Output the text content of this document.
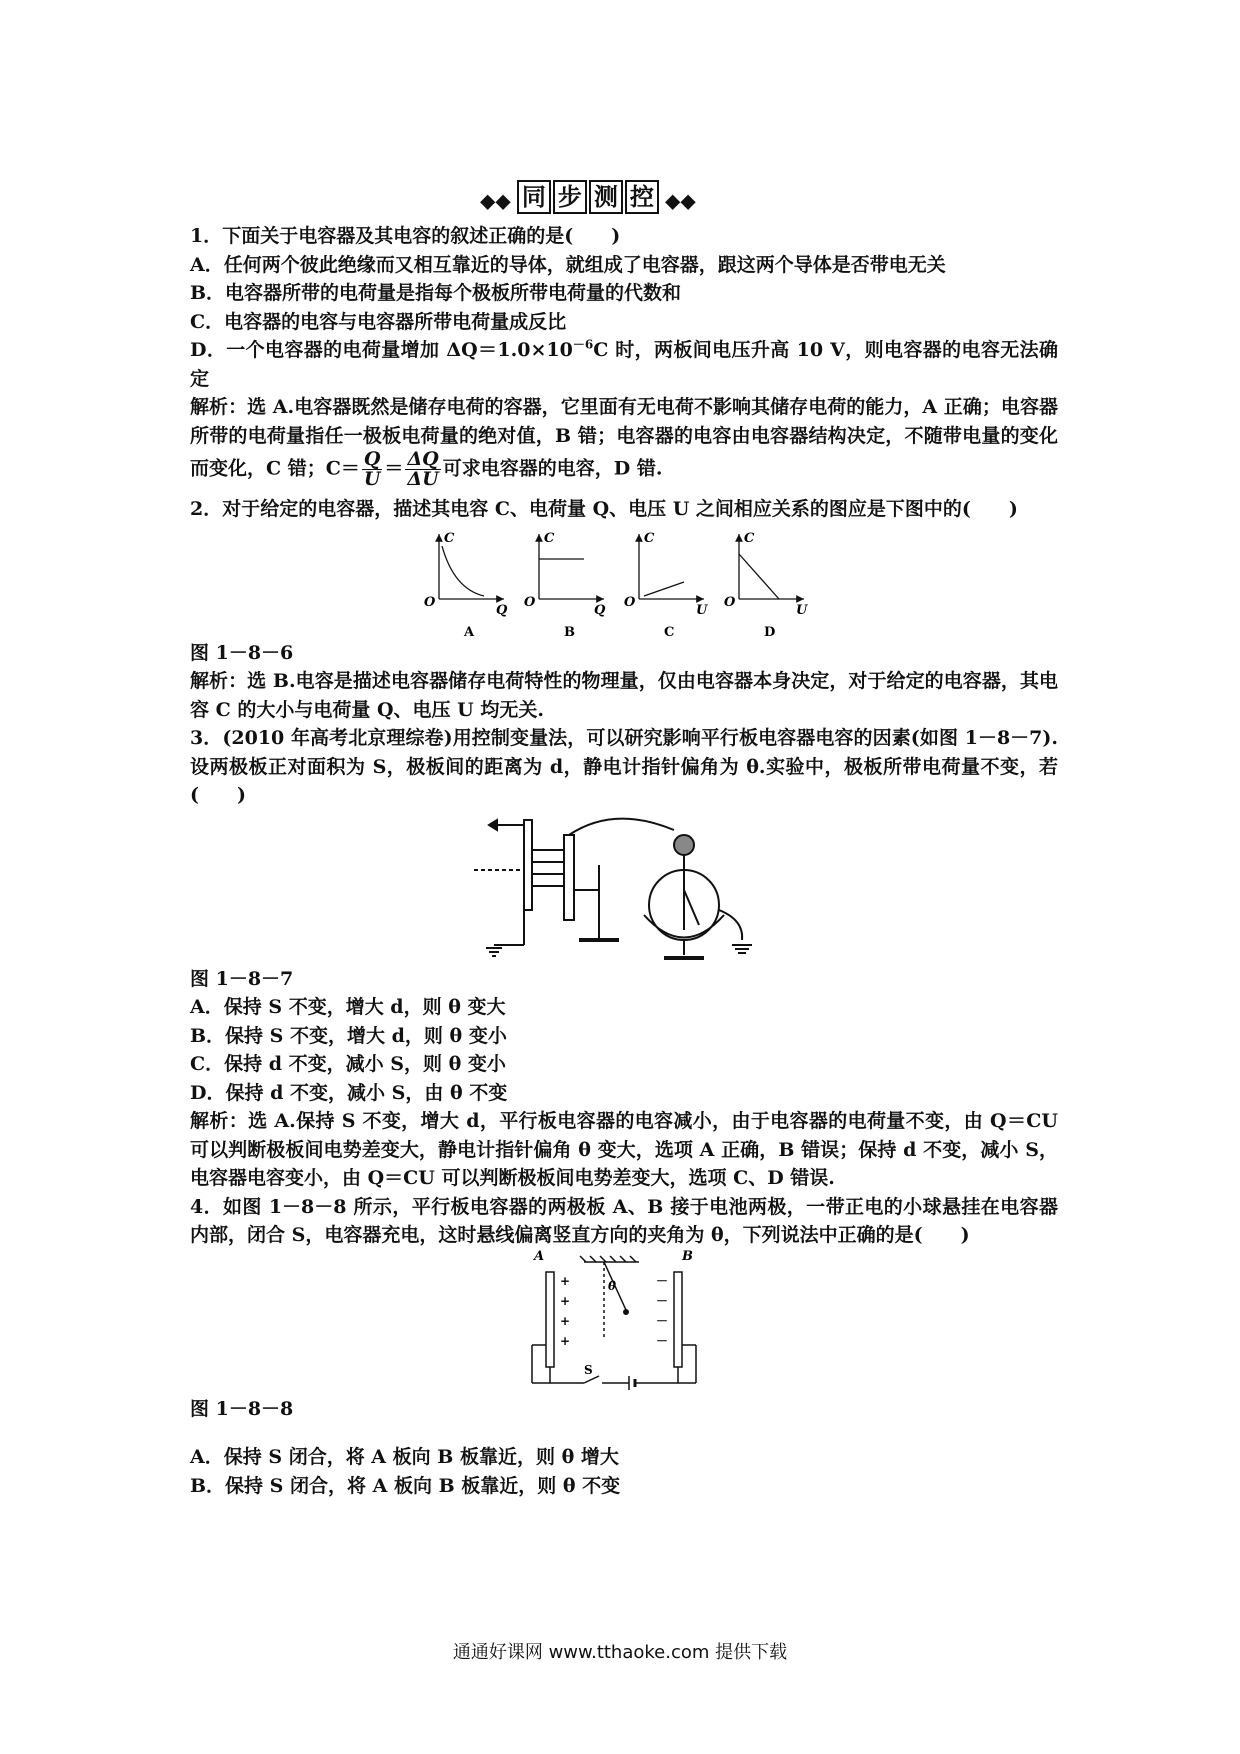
◆◆ 同 步 测 控 ◆◆

1．下面关于电容器及其电容的叙述正确的是(　　)

A．任何两个彼此绝缘而又相互靠近的导体，就组成了电容器，跟这两个导体是否带电无关

B．电容器所带的电荷量是指每个极板所带电荷量的代数和

C．电容器的电容与电容器所带电荷量成反比

D．一个电容器的电荷量增加 $\Delta Q=1.0\times 10^{-6}C$ 时，两板间电压升高 10 V，则电容器的电容无法确定

解析：选 A.电容器既然是储存电荷的容器，它里面有无电荷不影响其储存电荷的能力，A 正确；电容器所带的电荷量指任一极板电荷量的绝对值，B 错；电容器的电容由电容器结构决定，不随带电量的变化而变化，C 错；$C= \frac{Q}{U} = \frac{\Delta Q}{\Delta U}$ 可求电容器的电容，D 错.

2．对于给定的电容器，描述其电容 C、电荷量 Q、电压 U 之间相应关系的图应是下图中的(　　)

C
O
Q
A
C
O
Q
B
C
O
U
C
C
O
U
D

图 1－8－6

解析：选 B.电容是描述电容器储存电荷特性的物理量，仅由电容器本身决定，对于给定的电容器，其电容 C 的大小与电荷量 Q、电压 U 均无关.

3．(2010 年高考北京理综卷)用控制变量法，可以研究影响平行板电容器电容的因素(如图 1－8－7). 设两极板正对面积为 S，极板间的距离为 d，静电计指针偏角为 θ.实验中，极板所带电荷量不变，若(　　)

图 1－8－7

A．保持 S 不变，增大 d，则 θ 变大

B．保持 S 不变，增大 d，则 θ 变小

C．保持 d 不变，减小 S，则 θ 变小

D．保持 d 不变，减小 S，由 θ 不变

解析：选 A.保持 S 不变，增大 d，平行板电容器的电容减小，由于电容器的电荷量不变，由 Q＝CU 可以判断极板间电势差变大，静电计指针偏角 θ 变大，选项 A 正确，B 错误；保持 d 不变，减小 S，电容器电容变小，由 Q＝CU 可以判断极板间电势差变大，选项 C、D 错误.

4．如图 1－8－8 所示，平行板电容器的两极板 A、B 接于电池两极，一带正电的小球悬挂在电容器内部，闭合 S，电容器充电，这时悬线偏离竖直方向的夹角为 θ，下列说法中正确的是(　　)

A	B
θ
S
+
+
+
+
－
－
－
－

图 1－8－8

A．保持 S 闭合，将 A 板向 B 板靠近，则 θ 增大

B．保持 S 闭合，将 A 板向 B 板靠近，则 θ 不变

通通好课网 www.tthaoke.com 提供下载
